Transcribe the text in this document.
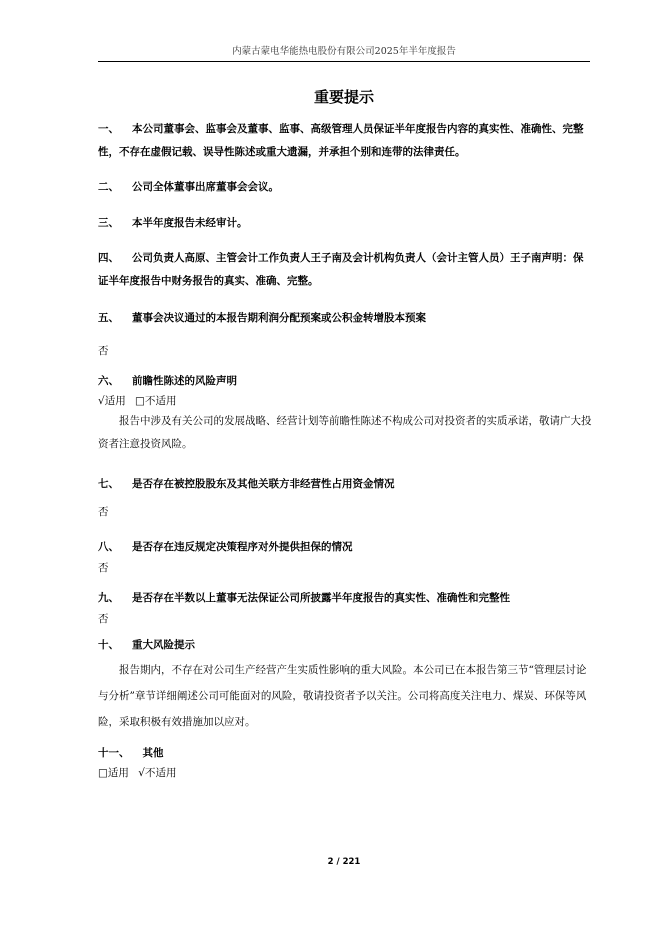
内蒙古蒙电华能热电股份有限公司2025年半年度报告
重要提示
一、 本公司董事会、监事会及董事、监事、高级管理人员保证半年度报告内容的真实性、准确性、完整性，不存在虚假记载、误导性陈述或重大遗漏，并承担个别和连带的法律责任。
二、 公司全体董事出席董事会会议。
三、 本半年度报告未经审计。
四、 公司负责人高原、主管会计工作负责人王子南及会计机构负责人（会计主管人员）王子南声明：保证半年度报告中财务报告的真实、准确、完整。
五、 董事会决议通过的本报告期利润分配预案或公积金转增股本预案
否
六、 前瞻性陈述的风险声明
√适用 □不适用
报告中涉及有关公司的发展战略、经营计划等前瞻性陈述不构成公司对投资者的实质承诺，敬请广大投资者注意投资风险。
七、 是否存在被控股股东及其他关联方非经营性占用资金情况
否
八、 是否存在违反规定决策程序对外提供担保的情况
否
九、 是否存在半数以上董事无法保证公司所披露半年度报告的真实性、准确性和完整性
否
十、 重大风险提示
报告期内，不存在对公司生产经营产生实质性影响的重大风险。本公司已在本报告第三节“管理层讨论与分析”章节详细阐述公司可能面对的风险，敬请投资者予以关注。公司将高度关注电力、煤炭、环保等风险，采取积极有效措施加以应对。
十一、 其他
□适用 √不适用
2 / 221
